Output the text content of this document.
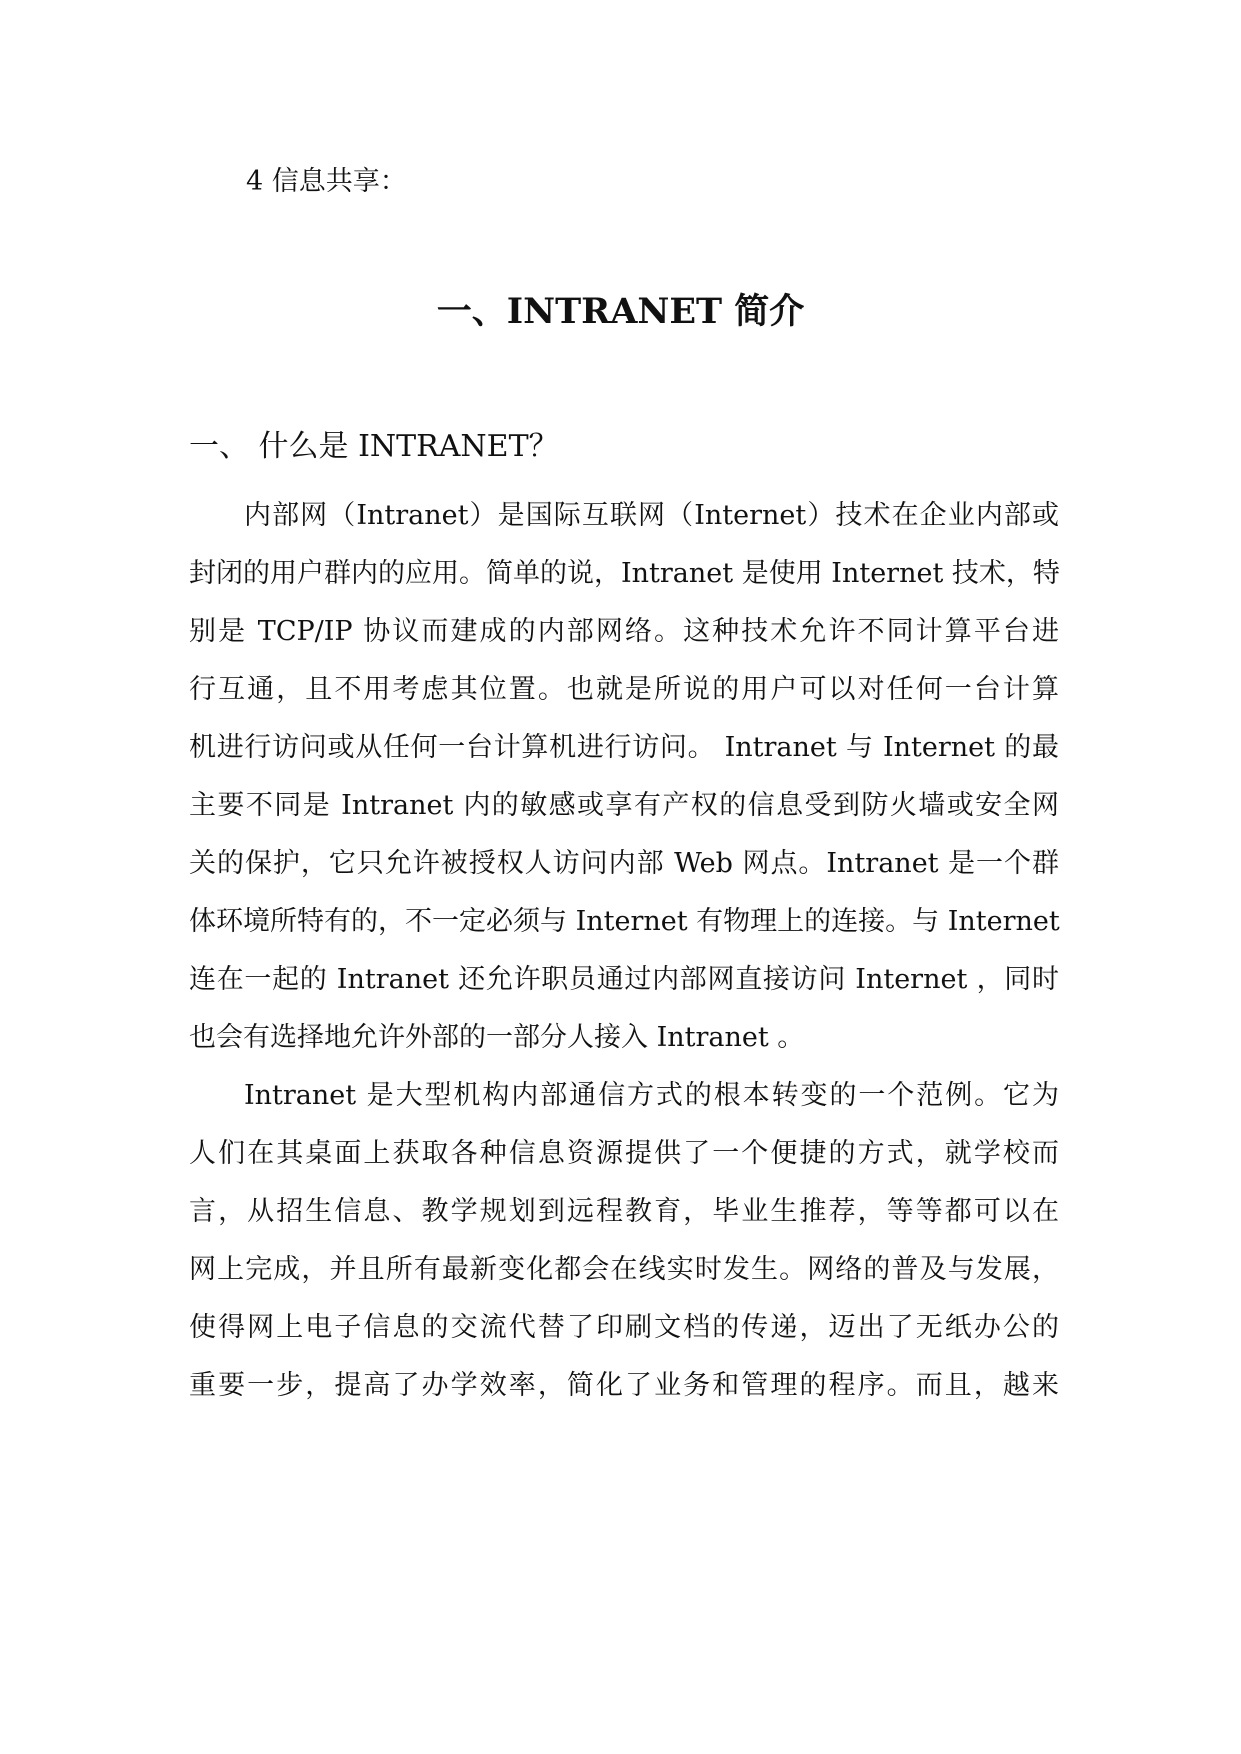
4 信息共享：
一、INTRANET 简介
一、 什么是 INTRANET？
内部网（Intranet）是国际互联网（Internet）技术在企业内部或
封闭的用户群内的应用。简单的说，Intranet 是使用 Internet 技术，特
别是 TCP/IP 协议而建成的内部网络。这种技术允许不同计算平台进
行互通，且不用考虑其位置。也就是所说的用户可以对任何一台计算
机进行访问或从任何一台计算机进行访问。 Intranet 与 Internet 的最
主要不同是 Intranet 内的敏感或享有产权的信息受到防火墙或安全网
关的保护，它只允许被授权人访问内部 Web 网点。Intranet 是一个群
体环境所特有的，不一定必须与 Internet 有物理上的连接。与 Internet
连在一起的 Intranet 还允许职员通过内部网直接访问 Internet ，同时
也会有选择地允许外部的一部分人接入 Intranet 。
Intranet 是大型机构内部通信方式的根本转变的一个范例。它为
人们在其桌面上获取各种信息资源提供了一个便捷的方式，就学校而
言，从招生信息、教学规划到远程教育，毕业生推荐，等等都可以在
网上完成，并且所有最新变化都会在线实时发生。网络的普及与发展，
使得网上电子信息的交流代替了印刷文档的传递，迈出了无纸办公的
重要一步，提高了办学效率，简化了业务和管理的程序。而且，越来
